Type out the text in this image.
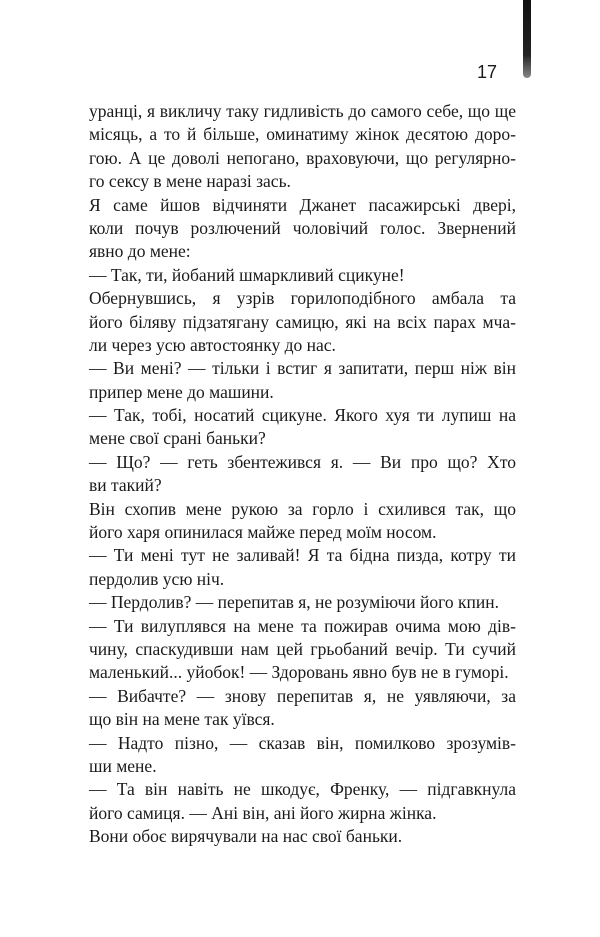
17
уранці, я викличу таку гидливість до самого себе, що ще
місяць, а то й більше, оминатиму жінок десятою доро-
гою. А це доволі непогано, враховуючи, що регулярно-
го сексу в мене наразі зась.
Я саме йшов відчиняти Джанет пасажирські двері,
коли почув розлючений чоловічий голос. Звернений
явно до мене:
— Так, ти, йобаний шмаркливий сцикуне!
Обернувшись, я узрів горилоподібного амбала та
його біляву підзатягану самицю, які на всіх парах мча-
ли через усю автостоянку до нас.
— Ви мені? — тільки і встиг я запитати, перш ніж він
припер мене до машини.
— Так, тобі, носатий сцикуне. Якого хуя ти лупиш на
мене свої срані баньки?
— Що? — геть збентежився я. — Ви про що? Хто
ви такий?
Він схопив мене рукою за горло і схилився так, що
його харя опинилася майже перед моїм носом.
— Ти мені тут не заливай! Я та бідна пизда, котру ти
пердолив усю ніч.
— Пердолив? — перепитав я, не розуміючи його кпин.
— Ти вилуплявся на мене та пожирав очима мою дів-
чину, спаскудивши нам цей грьобаний вечір. Ти сучий
маленький... уйобок! — Здоровань явно був не в гуморі.
— Вибачте? — знову перепитав я, не уявляючи, за
що він на мене так уївся.
— Надто пізно, — сказав він, помилково зрозумів-
ши мене.
— Та він навіть не шкодує, Френку, — підгавкнула
його самиця. — Ані він, ані його жирна жінка.
Вони обоє вирячували на нас свої баньки.
